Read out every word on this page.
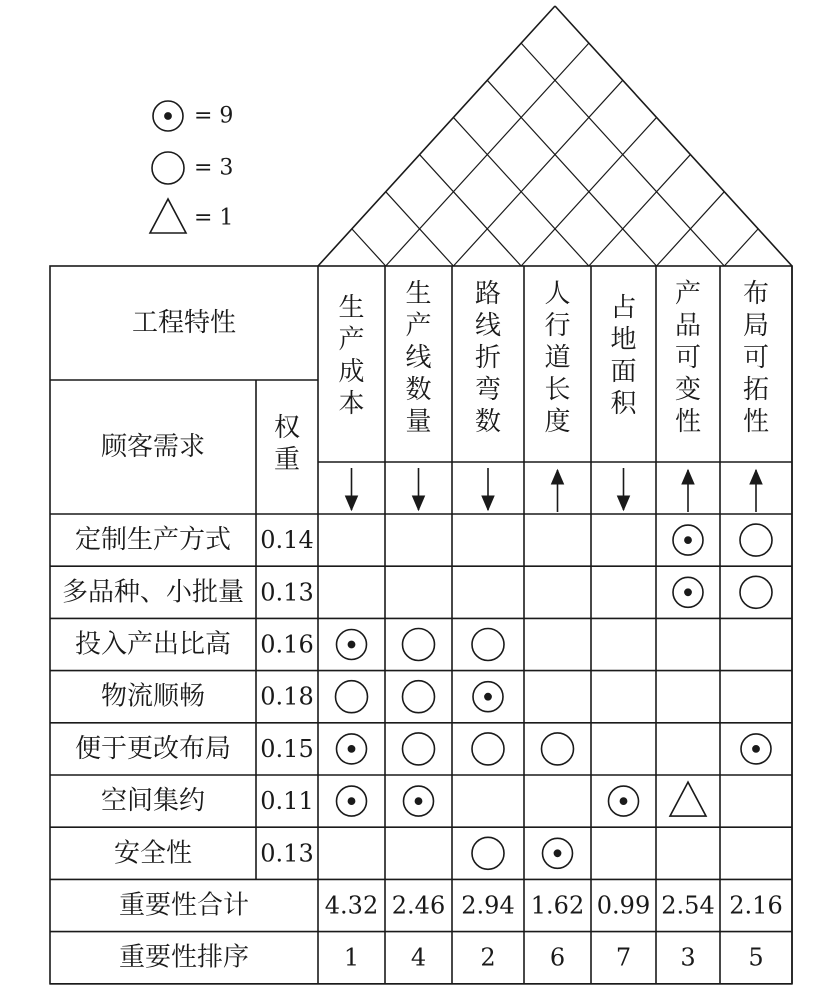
= 9
= 3
= 1
工程特性
顾客需求
权
重
生
产
成
本
生
产
线
数
量
路
线
折
弯
数
人
行
道
长
度
占
地
面
积
产
品
可
变
性
布
局
可
拓
性
定制生产方式 0.14
多品种、小批量 0.13
投入产出比高 0.16
物流顺畅 0.18
便于更改布局 0.15
空间集约 0.11
安全性	0.13
重要性合计
重要性排序
4.32 2.46 2.94 1.62 0.99 2.54 2.16
1 4 2 6 7 3 5
